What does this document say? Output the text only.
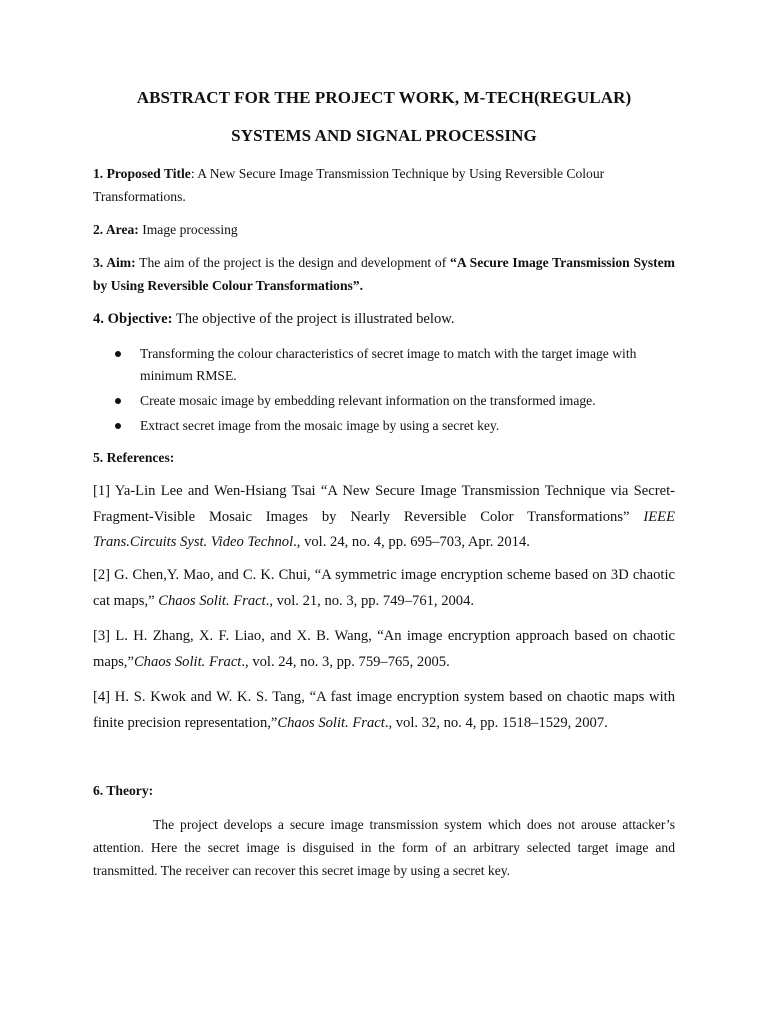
ABSTRACT FOR THE PROJECT WORK, M-TECH(REGULAR)
SYSTEMS AND SIGNAL PROCESSING
1. Proposed Title: A New Secure Image Transmission Technique by Using Reversible Colour Transformations.
2. Area: Image processing
3. Aim: The aim of the project is the design and development of “A Secure Image Transmission System by Using Reversible Colour Transformations”.
4. Objective: The objective of the project is illustrated below.
Transforming the colour characteristics of secret image to match with the target image with minimum RMSE.
Create mosaic image by embedding relevant information on the transformed image.
Extract secret image from the mosaic image by using a secret key.
5. References:
[1] Ya-Lin Lee and Wen-Hsiang Tsai “A New Secure Image Transmission Technique via Secret-Fragment-Visible Mosaic Images by Nearly Reversible Color Transformations” IEEE Trans.Circuits Syst. Video Technol., vol. 24, no. 4, pp. 695–703, Apr. 2014.
[2] G. Chen,Y. Mao, and C. K. Chui, “A symmetric image encryption scheme based on 3D chaotic cat maps,” Chaos Solit. Fract., vol. 21, no. 3, pp. 749–761, 2004.
[3] L. H. Zhang, X. F. Liao, and X. B. Wang, “An image encryption approach based on chaotic maps,”Chaos Solit. Fract., vol. 24, no. 3, pp. 759–765, 2005.
[4] H. S. Kwok and W. K. S. Tang, “A fast image encryption system based on chaotic maps with finite precision representation,”Chaos Solit. Fract., vol. 32, no. 4, pp. 1518–1529, 2007.
6. Theory:
The project develops a secure image transmission system which does not arouse attacker’s attention. Here the secret image is disguised in the form of an arbitrary selected target image and transmitted. The receiver can recover this secret image by using a secret key.
